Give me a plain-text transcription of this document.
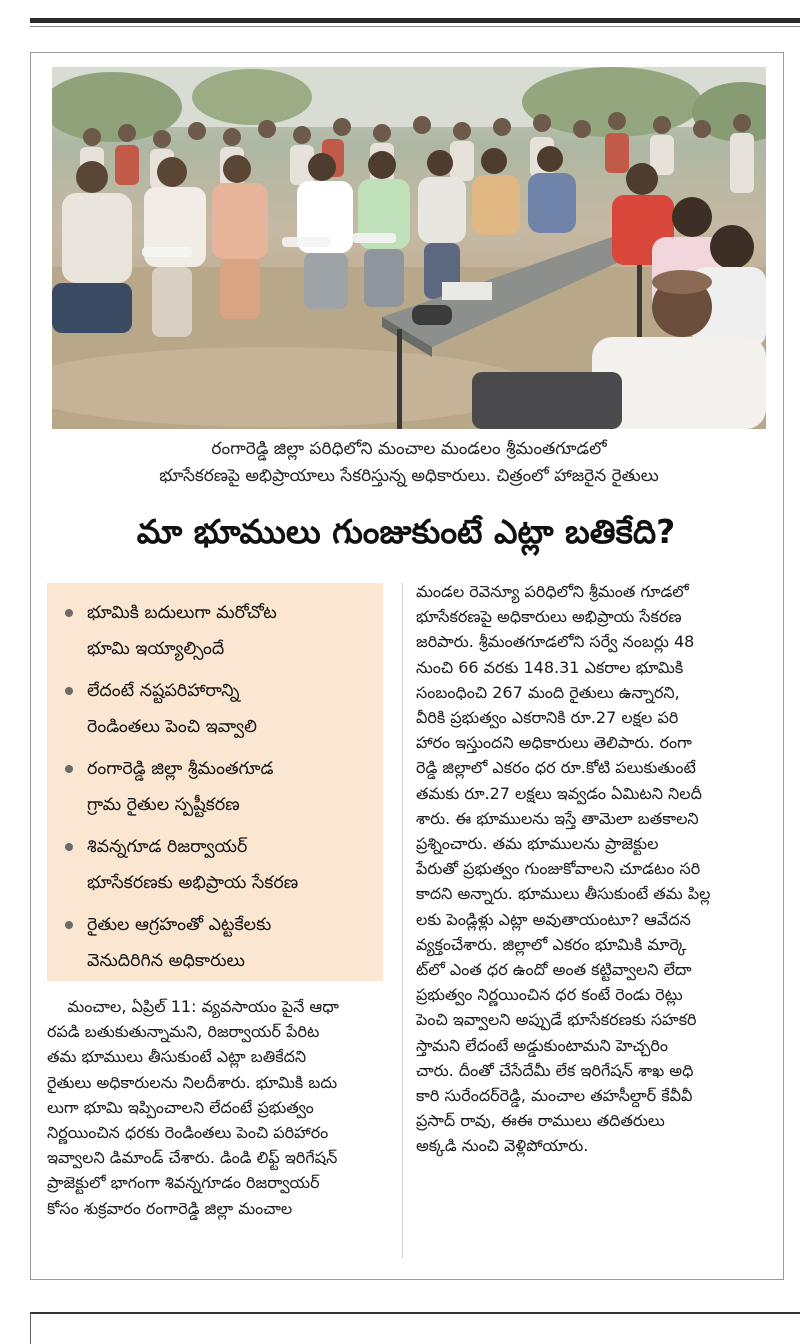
రంగారెడ్డి జిల్లా పరిధిలోని మంచాల మండలం శ్రీమంతగూడలో
భూసేకరణపై అభిప్రాయాలు సేకరిస్తున్న అధికారులు. చిత్రంలో హాజరైన రైతులు
మా భూములు గుంజుకుంటే ఎట్లా బతికేది?
భూమికి బదులుగా మరోచోట
భూమి ఇయ్యాల్సిందే
లేదంటే నష్టపరిహారాన్ని
రెండింతలు పెంచి ఇవ్వాలి
రంగారెడ్డి జిల్లా శ్రీమంతగూడ
గ్రామ రైతుల స్పష్టీకరణ
శివన్నగూడ రిజర్వాయర్
భూసేకరణకు అభిప్రాయ సేకరణ
రైతుల ఆగ్రహంతో ఎట్టకేలకు
వెనుదిరిగిన అధికారులు
మంచాల, ఏప్రిల్ 11: వ్యవసాయం పైనే ఆధా
రపడి బతుకుతున్నామని, రిజర్వాయర్ పేరిట
తమ భూములు తీసుకుంటే ఎట్లా బతికేదని
రైతులు అధికారులను నిలదీశారు. భూమికి బదు
లుగా భూమి ఇప్పించాలని లేదంటే ప్రభుత్వం
నిర్ణయించిన ధరకు రెండింతలు పెంచి పరిహారం
ఇవ్వాలని డిమాండ్ చేశారు. డిండి లిఫ్ట్ ఇరిగేషన్
ప్రాజెక్టులో భాగంగా శివన్నగూడం రిజర్వాయర్
కోసం శుక్రవారం రంగారెడ్డి జిల్లా మంచాల
మండల రెవెన్యూ పరిధిలోని శ్రీమంత గూడలో
భూసేకరణపై అధికారులు అభిప్రాయ సేకరణ
జరిపారు. శ్రీమంతగూడలోని సర్వే నంబర్లు 48
నుంచి 66 వరకు 148.31 ఎకరాల భూమికి
సంబంధించి 267 మంది రైతులు ఉన్నారని,
వీరికి ప్రభుత్వం ఎకరానికి రూ.27 లక్షల పరి
హారం ఇస్తుందని అధికారులు తెలిపారు. రంగా
రెడ్డి జిల్లాలో ఎకరం ధర రూ.కోటి పలుకుతుంటే
తమకు రూ.27 లక్షలు ఇవ్వడం ఏమిటని నిలదీ
శారు. ఈ భూములను ఇస్తే తామెలా బతకాలని
ప్రశ్నించారు. తమ భూములను ప్రాజెక్టుల
పేరుతో ప్రభుత్వం గుంజుకోవాలని చూడటం సరి
కాదని అన్నారు. భూములు తీసుకుంటే తమ పిల్ల
లకు పెండ్లిళ్లు ఎట్లా అవుతాయంటూ? ఆవేదన
వ్యక్తంచేశారు. జిల్లాలో ఎకరం భూమికి మార్కె
ట్‌లో ఎంత ధర ఉందో అంత కట్టివ్వాలని లేదా
ప్రభుత్వం నిర్ణయించిన ధర కంటే రెండు రెట్లు
పెంచి ఇవ్వాలని అప్పుడే భూసేకరణకు సహకరి
స్తామని లేదంటే అడ్డుకుంటామని హెచ్చరిం
చారు. దీంతో చేసేదేమీ లేక ఇరిగేషన్ శాఖ అధి
కారి సురేందర్‌రెడ్డి, మంచాల తహసీల్దార్ కేవీవీ
ప్రసాద్ రావు, ఈఈ రాములు తదితరులు
అక్కడి నుంచి వెళ్లిపోయారు.
